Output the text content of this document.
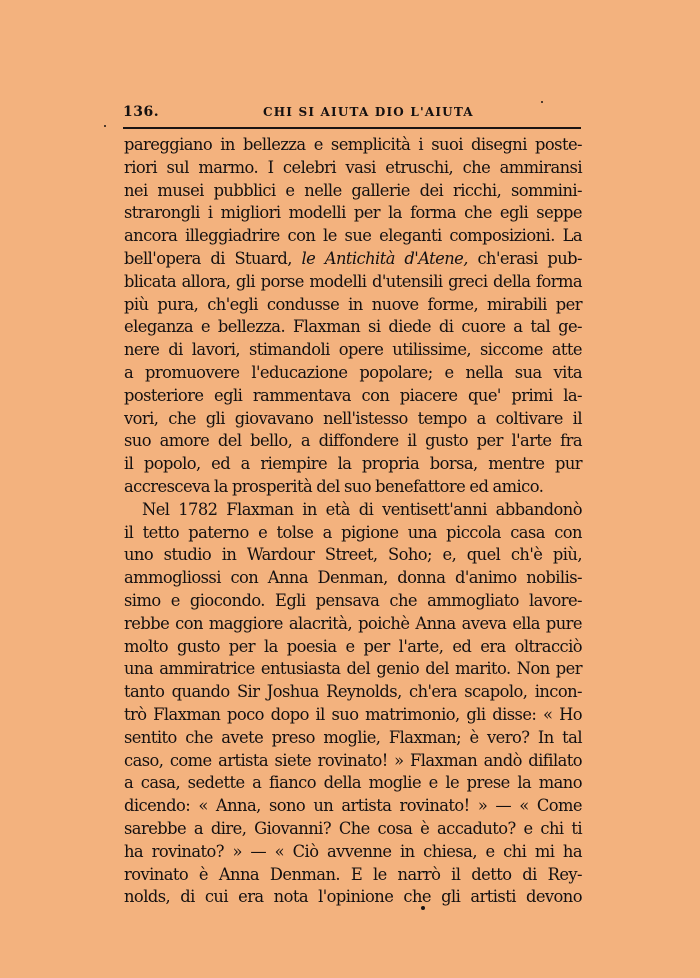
136.	CHI SI AIUTA DIO L'AIUTA
pareggiano in bellezza e semplicità i suoi disegni poste-
riori sul marmo. I celebri vasi etruschi, che ammiransi
nei musei pubblici e nelle gallerie dei ricchi, sommini-
strarongli i migliori modelli per la forma che egli seppe
ancora illeggiadrire con le sue eleganti composizioni. La
bell'opera di Stuard, le Antichità d'Atene, ch'erasi pub-
blicata allora, gli porse modelli d'utensili greci della forma
più pura, ch'egli condusse in nuove forme, mirabili per
eleganza e bellezza. Flaxman si diede di cuore a tal ge-
nere di lavori, stimandoli opere utilissime, siccome atte
a promuovere l'educazione popolare; e nella sua vita
posteriore egli rammentava con piacere que' primi la-
vori, che gli giovavano nell'istesso tempo a coltivare il
suo amore del bello, a diffondere il gusto per l'arte fra
il popolo, ed a riempire la propria borsa, mentre pur
accresceva la prosperità del suo benefattore ed amico.
Nel 1782 Flaxman in età di ventisett'anni abbandonò
il tetto paterno e tolse a pigione una piccola casa con
uno studio in Wardour Street, Soho; e, quel ch'è più,
ammogliossi con Anna Denman, donna d'animo nobilis-
simo e giocondo. Egli pensava che ammogliato lavore-
rebbe con maggiore alacrità, poichè Anna aveva ella pure
molto gusto per la poesia e per l'arte, ed era oltracciò
una ammiratrice entusiasta del genio del marito. Non per
tanto quando Sir Joshua Reynolds, ch'era scapolo, incon-
trò Flaxman poco dopo il suo matrimonio, gli disse: « Ho
sentito che avete preso moglie, Flaxman; è vero? In tal
caso, come artista siete rovinato! » Flaxman andò difilato
a casa, sedette a fianco della moglie e le prese la mano
dicendo: « Anna, sono un artista rovinato! » — « Come
sarebbe a dire, Giovanni? Che cosa è accaduto? e chi ti
ha rovinato? » — « Ciò avvenne in chiesa, e chi mi ha
rovinato è Anna Denman. E le narrò il detto di Rey-
nolds, di cui era nota l'opinione che gli artisti devono
